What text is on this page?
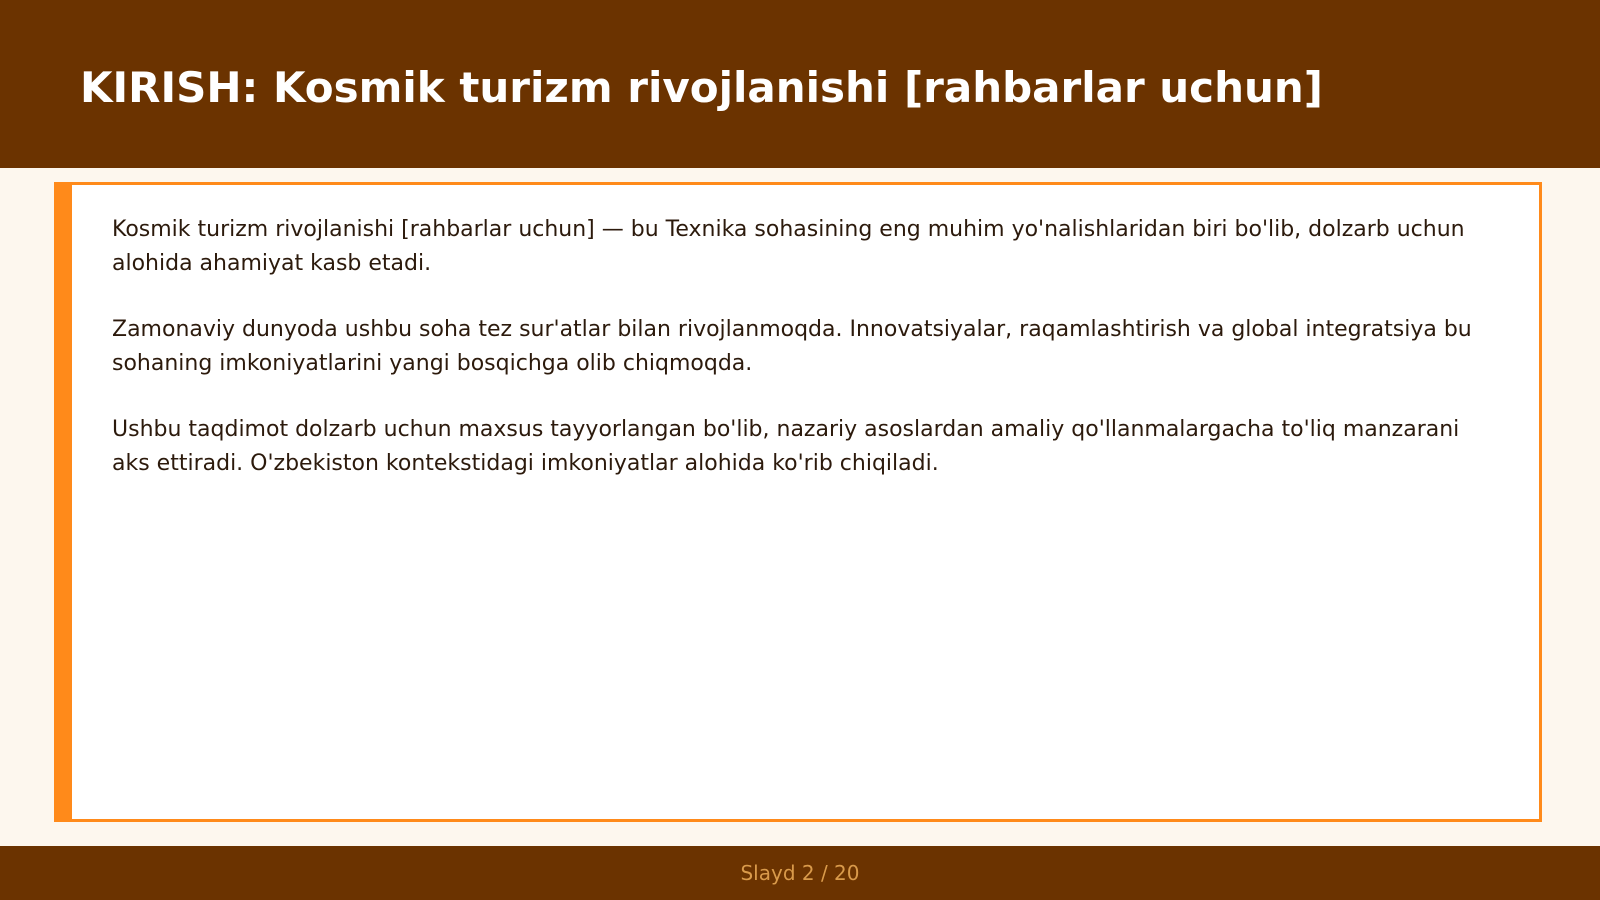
KIRISH: Kosmik turizm rivojlanishi [rahbarlar uchun]

Kosmik turizm rivojlanishi [rahbarlar uchun] — bu Texnika sohasining eng muhim yo'nalishlaridan biri bo'lib, dolzarb uchun alohida ahamiyat kasb etadi.

Zamonaviy dunyoda ushbu soha tez sur'atlar bilan rivojlanmoqda. Innovatsiyalar, raqamlashtirish va global integratsiya bu sohaning imkoniyatlarini yangi bosqichga olib chiqmoqda.

Ushbu taqdimot dolzarb uchun maxsus tayyorlangan bo'lib, nazariy asoslardan amaliy qo'llanmalargacha to'liq manzarani aks ettiradi. O'zbekiston kontekstidagi imkoniyatlar alohida ko'rib chiqiladi.

Slayd 2 / 20
